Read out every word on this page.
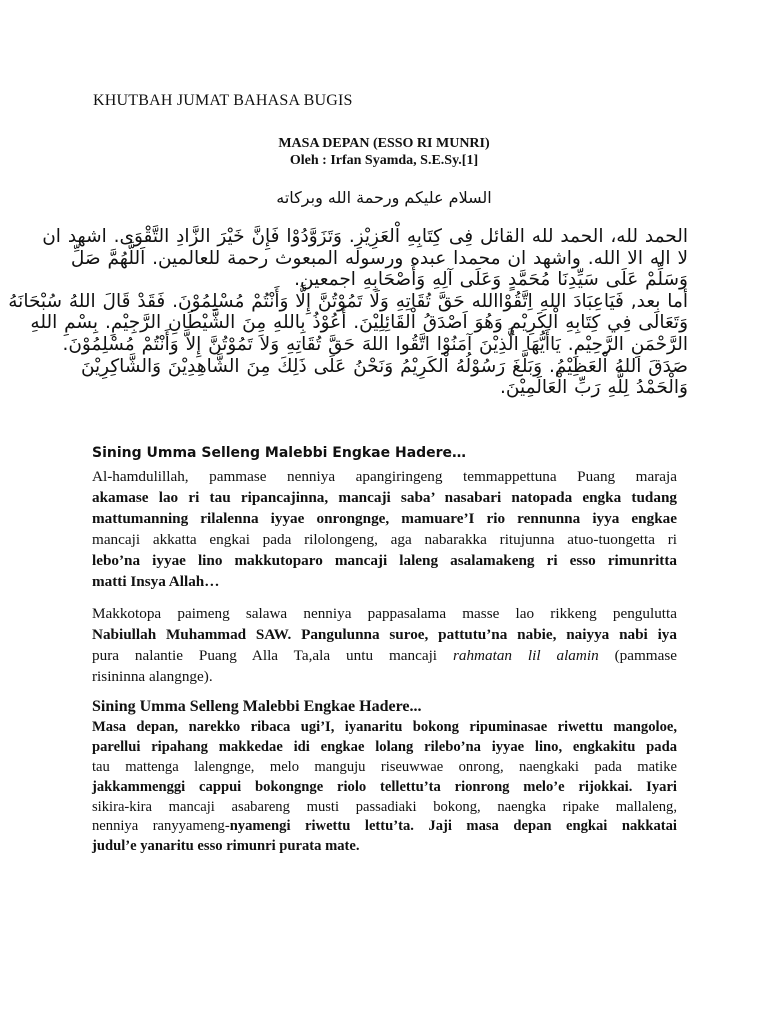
KHUTBAH JUMAT BAHASA BUGIS
MASA DEPAN (ESSO RI MUNRI)
Oleh : Irfan Syamda, S.E.Sy.[1]
السلام عليكم ورحمة الله وبركاته
الحمد لله، الحمد لله القائل فِى كِتَابِهِ اْلعَزِيْزِ. وَتَزَوَّدُوْا فَإِنَّ خَيْرَ الزَّادِ التَّقْوَى. اشهد ان
لا اله الا الله. واشهد ان محمدا عبده ورسوله المبعوث رحمة للعالمين. اَللَّهُمَّ صَلِّ
وَسَلِّمْ عَلَى سَيِّدِنَا مُحَمَّدٍ وَعَلَى آلِهِ وَأَصْحَابِهِ اجمعين.
أما بعد, فَيَاعِبَادَ اللهِ اِتَّقُوْاالله حَقَّ تُقَاتِهِ وَلَا تَمُوْتُنَّ إِلَّا وَأَنْتُمْ مُسْلِمُوْنَ. فَقَدْ قَالَ اللهُ سُبْحَانَهُ
وَتَعَالَى فِي كِتَابِهِ اْلكَرِيْمِ وَهُوَ اَصْدَقُ اْلقَائِلِيْنَ. أَعُوْذُ بِاللهِ مِنَ الشَّيْطَانِ الرَّجِيْمِ. بِسْمِ اللهِ
الرَّحْمَنِ الرَّحِيْمِ. يَاأَيُّهَا الَّذِيْنَ آمَنُوْا اتَّقُوا اللهَ حَقَّ تُقَاتِهِ وَلاَ تَمُوْتُنَّ إِلاَّ وَأَنْتُمْ مُسْلِمُوْنَ.
صَدَقَ اللهُ اْلعَظِيْمُ. وَبَلَّغَ رَسُوْلُهُ اْلكَرِيْمُ وَنَحْنُ عَلَى ذَلِكَ مِنَ الشَّاهِدِيْنَ وَالشَّاكِرِيْنَ
وَالْحَمْدُ لِلَّهِ رَبِّ الْعَالَمِيْنَ.
Sining Umma Selleng Malebbi Engkae Hadere…
Al-hamdulillah, pammase nenniya apangiringeng temmappettuna Puang maraja
akamase lao ri tau ripancajinna, mancaji saba’ nasabari natopada engka tudang
mattumanning rilalenna iyyae onrongnge, mamuare’I rio rennunna iyya engkae
mancaji akkatta engkai pada rilolongeng, aga nabarakka ritujunna atuo-tuongetta ri
lebo’na iyyae lino makkutoparo mancaji laleng asalamakeng ri esso rimunritta
matti Insya Allah…
Makkotopa paimeng salawa nenniya pappasalama masse lao rikkeng pengulutta
Nabiullah Muhammad SAW. Pangulunna suroe, pattutu’na nabie, naiyya nabi iya
pura nalantie Puang Alla Ta,ala untu mancaji rahmatan lil alamin (pammase
risininna alangnge).
Sining Umma Selleng Malebbi Engkae Hadere...
Masa depan, narekko ribaca ugi’I, iyanaritu bokong ripuminasae riwettu mangoloe,
parellui ripahang makkedae idi engkae lolang rilebo’na iyyae lino, engkakitu pada
tau mattenga lalengnge, melo manguju riseuwwae onrong, naengkaki pada matike
jakkammenggi cappui bokongnge riolo tellettu’ta rionrong melo’e rijokkai. Iyari
sikira-kira mancaji asabareng musti passadiaki bokong, naengka ripake mallaleng,
nenniya ranyyameng-nyamengi riwettu lettu’ta. Jaji masa depan engkai nakkatai
judul’e yanaritu esso rimunri purata mate.
